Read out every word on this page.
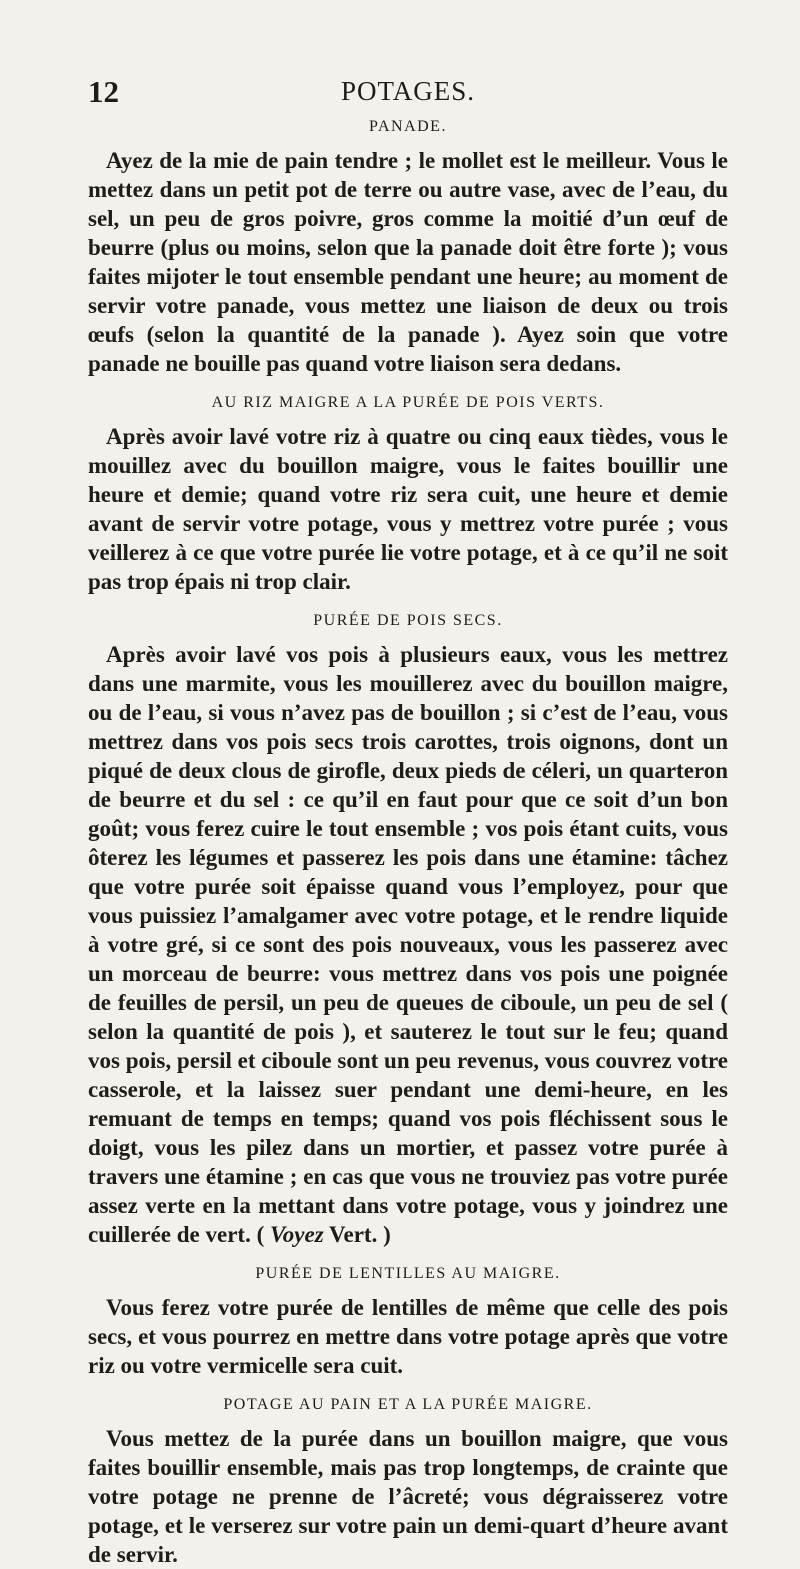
12	POTAGES.
PANADE.

Ayez de la mie de pain tendre ; le mollet est le meilleur. Vous le mettez dans un petit pot de terre ou autre vase, avec de l’eau, du sel, un peu de gros poivre, gros comme la moitié d’un œuf de beurre (plus ou moins, selon que la panade doit être forte ); vous faites mijoter le tout ensemble pendant une heure; au moment de servir votre panade, vous mettez une liaison de deux ou trois œufs (selon la quantité de la panade ). Ayez soin que votre panade ne bouille pas quand votre liaison sera dedans.

AU RIZ MAIGRE A LA PURÉE DE POIS VERTS.

Après avoir lavé votre riz à quatre ou cinq eaux tièdes, vous le mouillez avec du bouillon maigre, vous le faites bouillir une heure et demie; quand votre riz sera cuit, une heure et demie avant de servir votre potage, vous y mettrez votre purée ; vous veillerez à ce que votre purée lie votre potage, et à ce qu’il ne soit pas trop épais ni trop clair.

PURÉE DE POIS SECS.

Après avoir lavé vos pois à plusieurs eaux, vous les mettrez dans une marmite, vous les mouillerez avec du bouillon maigre, ou de l’eau, si vous n’avez pas de bouillon ; si c’est de l’eau, vous mettrez dans vos pois secs trois carottes, trois oignons, dont un piqué de deux clous de girofle, deux pieds de céleri, un quarteron de beurre et du sel : ce qu’il en faut pour que ce soit d’un bon goût; vous ferez cuire le tout ensemble ; vos pois étant cuits, vous ôterez les légumes et passerez les pois dans une étamine: tâchez que votre purée soit épaisse quand vous l’employez, pour que vous puissiez l’amalgamer avec votre potage, et le rendre liquide à votre gré, si ce sont des pois nouveaux, vous les passerez avec un morceau de beurre: vous mettrez dans vos pois une poignée de feuilles de persil, un peu de queues de ciboule, un peu de sel ( selon la quantité de pois ), et sauterez le tout sur le feu; quand vos pois, persil et ciboule sont un peu revenus, vous couvrez votre casserole, et la laissez suer pendant une demi-heure, en les remuant de temps en temps; quand vos pois fléchissent sous le doigt, vous les pilez dans un mortier, et passez votre purée à travers une étamine ; en cas que vous ne trouviez pas votre purée assez verte en la mettant dans votre potage, vous y joindrez une cuillerée de vert. ( Voyez Vert. )

PURÉE DE LENTILLES AU MAIGRE.

Vous ferez votre purée de lentilles de même que celle des pois secs, et vous pourrez en mettre dans votre potage après que votre riz ou votre vermicelle sera cuit.

POTAGE AU PAIN ET A LA PURÉE MAIGRE.

Vous mettez de la purée dans un bouillon maigre, que vous faites bouillir ensemble, mais pas trop longtemps, de crainte que votre potage ne prenne de l’âcreté; vous dégraisserez votre potage, et le verserez sur votre pain un demi-quart d’heure avant de servir.
